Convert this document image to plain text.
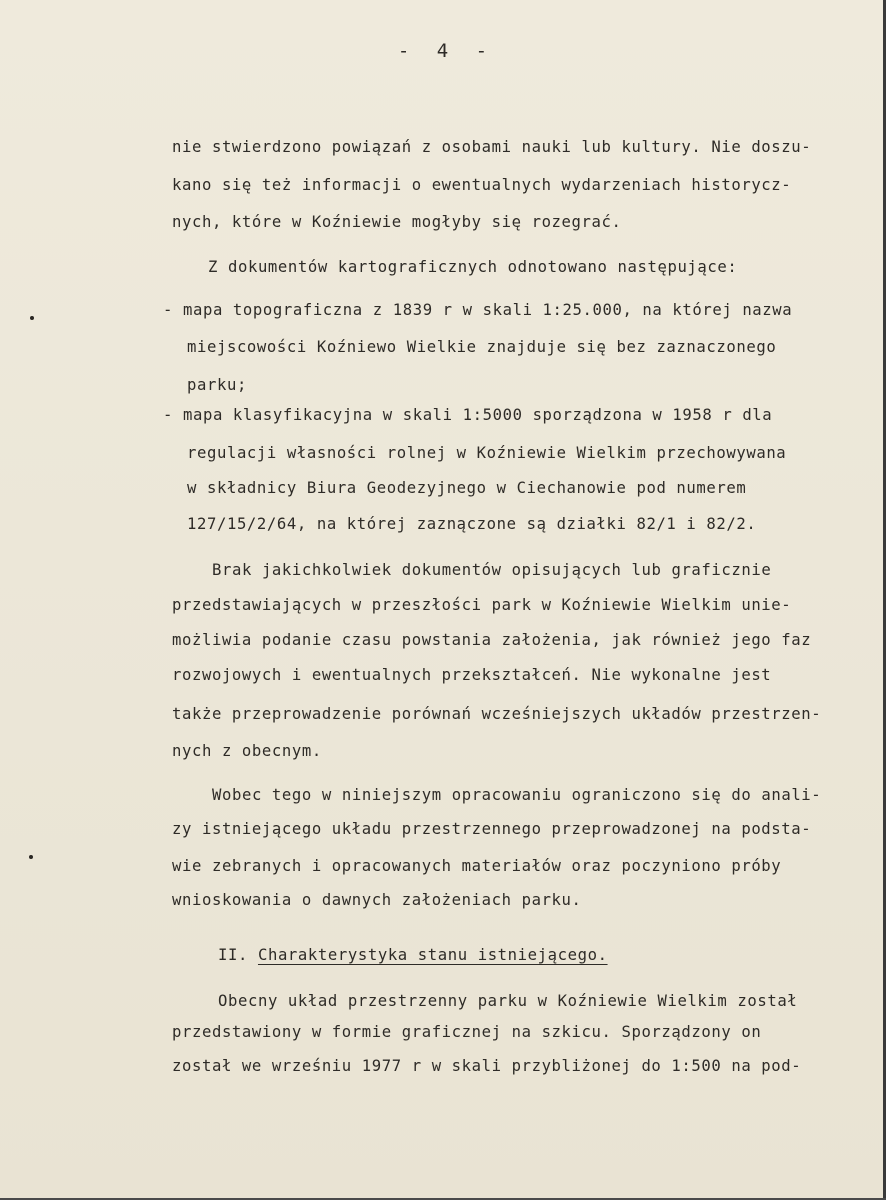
- 4 -
nie stwierdzono powiązań z osobami nauki lub kultury. Nie doszu-
kano się też informacji o ewentualnych wydarzeniach historycz-
nych, które w Koźniewie mogłyby się rozegrać.
Z dokumentów kartograficznych odnotowano następujące:
- mapa topograficzna z 1839 r w skali 1:25.000, na której nazwa
miejscowości Koźniewo Wielkie znajduje się bez zaznaczonego
parku;
- mapa klasyfikacyjna w skali 1:5000 sporządzona w 1958 r dla
regulacji własności rolnej w Koźniewie Wielkim przechowywana
w składnicy Biura Geodezyjnego w Ciechanowie pod numerem
127/15/2/64, na której zaznączone są działki 82/1 i 82/2.
Brak jakichkolwiek dokumentów opisujących lub graficznie
przedstawiających w przeszłości park w Koźniewie Wielkim unie-
możliwia podanie czasu powstania założenia, jak również jego faz
rozwojowych i ewentualnych przekształceń. Nie wykonalne jest
także przeprowadzenie porównań wcześniejszych układów przestrzen-
nych z obecnym.
Wobec tego w niniejszym opracowaniu ograniczono się do anali-
zy istniejącego układu przestrzennego przeprowadzonej na podsta-
wie zebranych i opracowanych materiałów oraz poczyniono próby
wnioskowania o dawnych założeniach parku.
II. Charakterystyka stanu istniejącego.
Obecny układ przestrzenny parku w Koźniewie Wielkim został
przedstawiony w formie graficznej na szkicu. Sporządzony on
został we wrześniu 1977 r w skali przybliżonej do 1:500 na pod-
